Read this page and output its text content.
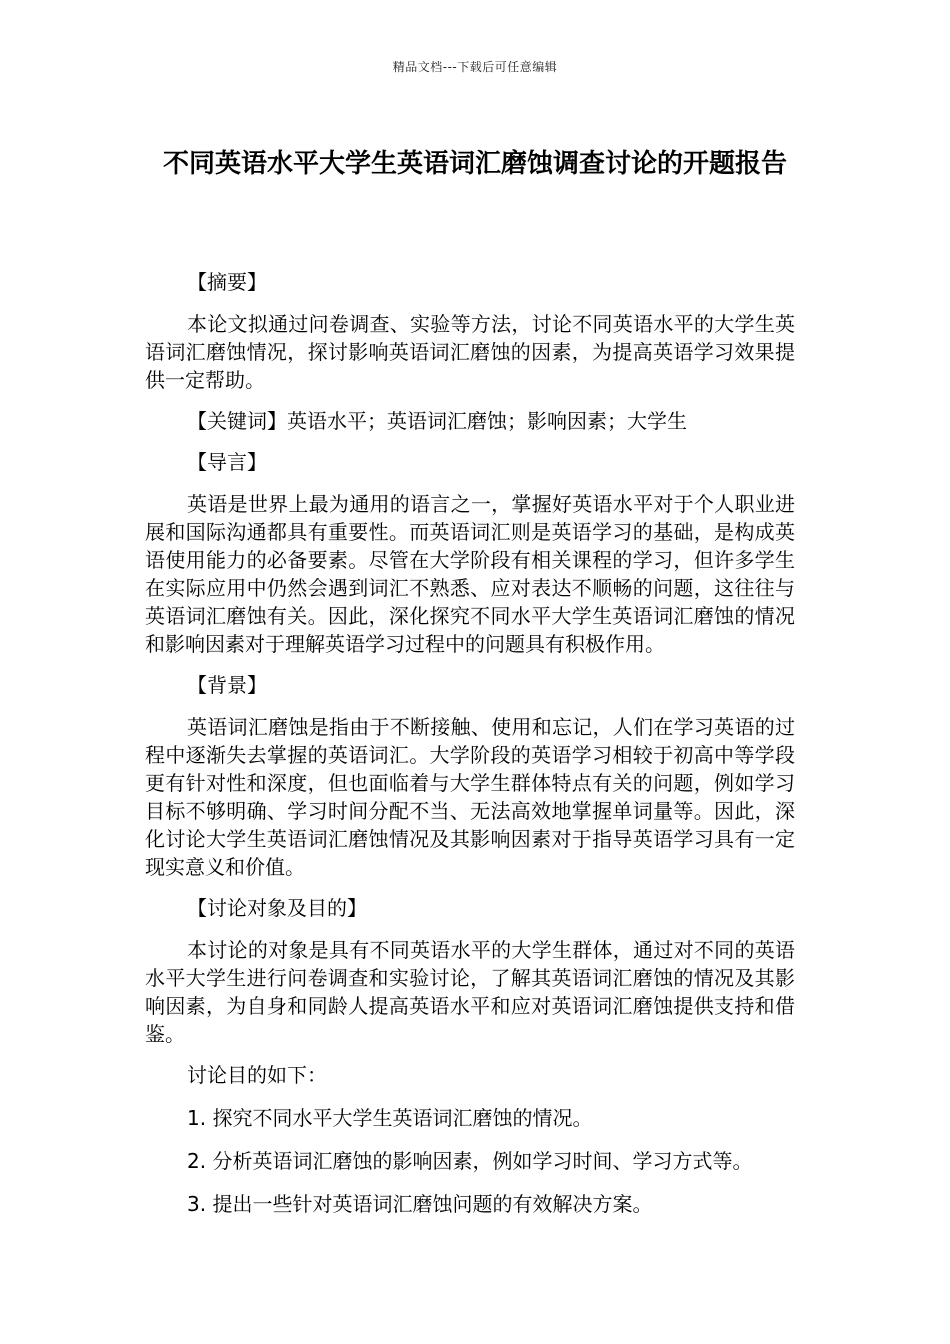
精品文档---下载后可任意编辑
不同英语水平大学生英语词汇磨蚀调查讨论的开题报告

【摘要】

本论文拟通过问卷调查、实验等方法，讨论不同英语水平的大学生英语词汇磨蚀情况，探讨影响英语词汇磨蚀的因素，为提高英语学习效果提供一定帮助。

【关键词】英语水平；英语词汇磨蚀；影响因素；大学生

【导言】

英语是世界上最为通用的语言之一，掌握好英语水平对于个人职业进展和国际沟通都具有重要性。而英语词汇则是英语学习的基础，是构成英语使用能力的必备要素。尽管在大学阶段有相关课程的学习，但许多学生在实际应用中仍然会遇到词汇不熟悉、应对表达不顺畅的问题，这往往与英语词汇磨蚀有关。因此，深化探究不同水平大学生英语词汇磨蚀的情况和影响因素对于理解英语学习过程中的问题具有积极作用。

【背景】

英语词汇磨蚀是指由于不断接触、使用和忘记，人们在学习英语的过程中逐渐失去掌握的英语词汇。大学阶段的英语学习相较于初高中等学段更有针对性和深度，但也面临着与大学生群体特点有关的问题，例如学习目标不够明确、学习时间分配不当、无法高效地掌握单词量等。因此，深化讨论大学生英语词汇磨蚀情况及其影响因素对于指导英语学习具有一定现实意义和价值。

【讨论对象及目的】

本讨论的对象是具有不同英语水平的大学生群体，通过对不同的英语水平大学生进行问卷调查和实验讨论，了解其英语词汇磨蚀的情况及其影响因素，为自身和同龄人提高英语水平和应对英语词汇磨蚀提供支持和借鉴。

讨论目的如下：

1. 探究不同水平大学生英语词汇磨蚀的情况。

2. 分析英语词汇磨蚀的影响因素，例如学习时间、学习方式等。

3. 提出一些针对英语词汇磨蚀问题的有效解决方案。
